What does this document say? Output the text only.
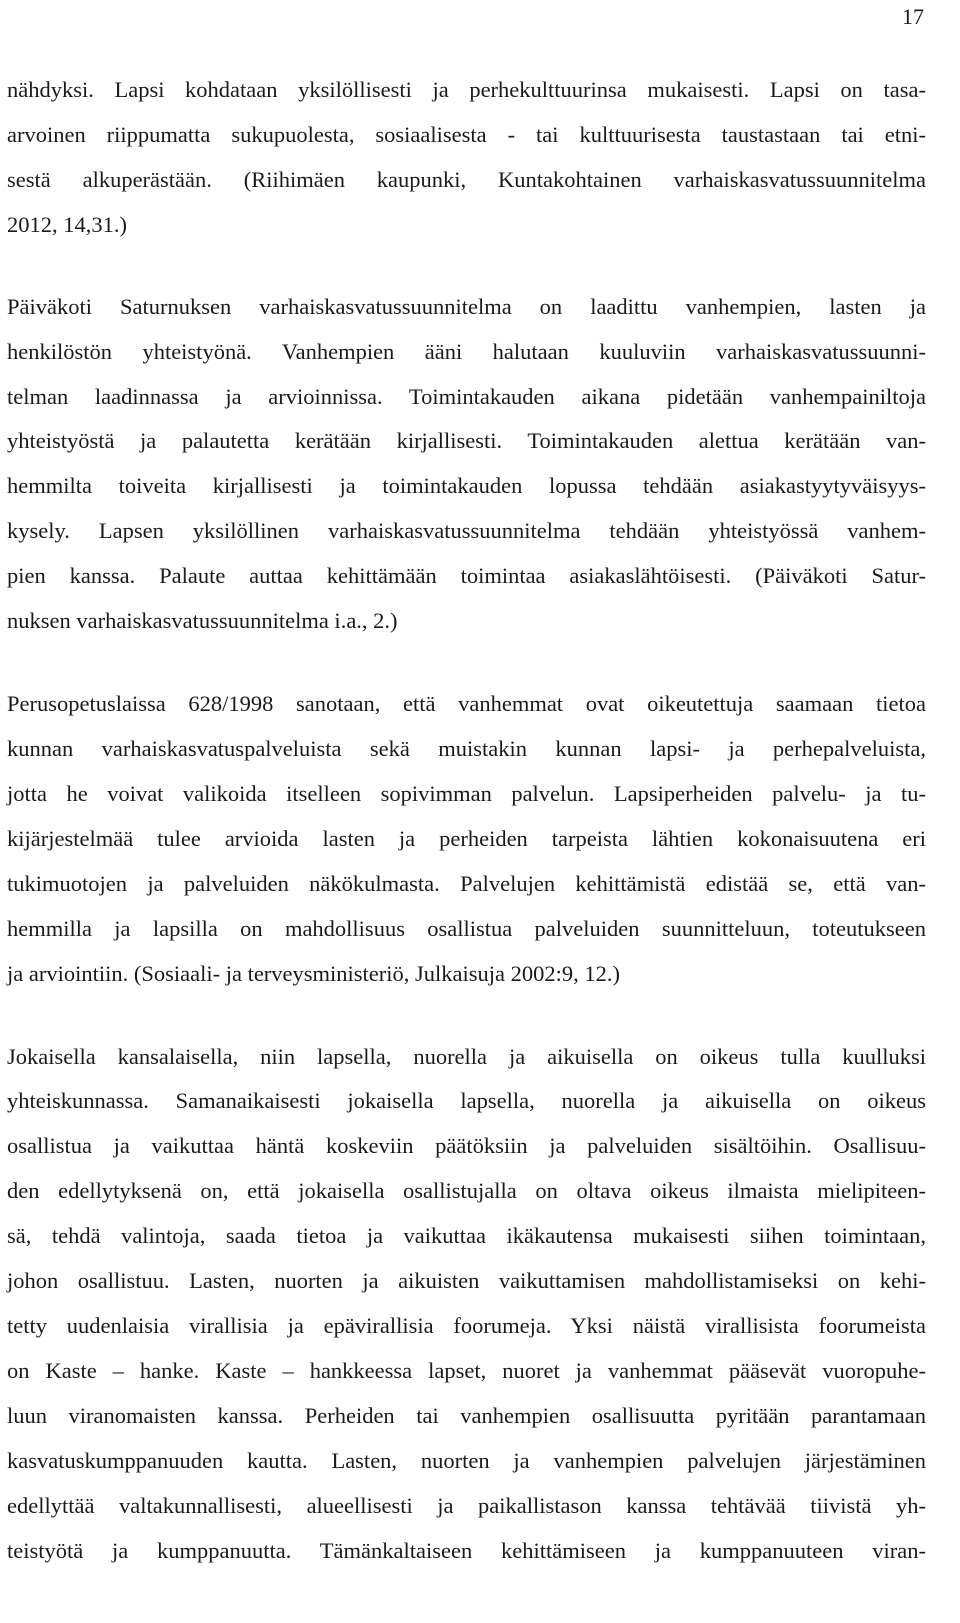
17
nähdyksi. Lapsi kohdataan yksilöllisesti ja perhekulttuurinsa mukaisesti. Lapsi on tasa-
arvoinen riippumatta sukupuolesta, sosiaalisesta - tai kulttuurisesta taustastaan tai etni-
sestä alkuperästään. (Riihimäen kaupunki, Kuntakohtainen varhaiskasvatussuunnitelma
2012, 14,31.)
Päiväkoti Saturnuksen varhaiskasvatussuunnitelma on laadittu vanhempien, lasten ja
henkilöstön yhteistyönä. Vanhempien ääni halutaan kuuluviin varhaiskasvatussuunni-
telman laadinnassa ja arvioinnissa. Toimintakauden aikana pidetään vanhempainiltoja
yhteistyöstä ja palautetta kerätään kirjallisesti. Toimintakauden alettua kerätään van-
hemmilta toiveita kirjallisesti ja toimintakauden lopussa tehdään asiakastyytyväisyys-
kysely. Lapsen yksilöllinen varhaiskasvatussuunnitelma tehdään yhteistyössä vanhem-
pien kanssa. Palaute auttaa kehittämään toimintaa asiakaslähtöisesti. (Päiväkoti Satur-
nuksen varhaiskasvatussuunnitelma i.a., 2.)
Perusopetuslaissa 628/1998 sanotaan, että vanhemmat ovat oikeutettuja saamaan tietoa
kunnan varhaiskasvatuspalveluista sekä muistakin kunnan lapsi- ja perhepalveluista,
jotta he voivat valikoida itselleen sopivimman palvelun. Lapsiperheiden palvelu- ja tu-
kijärjestelmää tulee arvioida lasten ja perheiden tarpeista lähtien kokonaisuutena eri
tukimuotojen ja palveluiden näkökulmasta. Palvelujen kehittämistä edistää se, että van-
hemmilla ja lapsilla on mahdollisuus osallistua palveluiden suunnitteluun, toteutukseen
ja arviointiin. (Sosiaali- ja terveysministeriö, Julkaisuja 2002:9, 12.)
Jokaisella kansalaisella, niin lapsella, nuorella ja aikuisella on oikeus tulla kuulluksi
yhteiskunnassa. Samanaikaisesti jokaisella lapsella, nuorella ja aikuisella on oikeus
osallistua ja vaikuttaa häntä koskeviin päätöksiin ja palveluiden sisältöihin. Osallisuu-
den edellytyksenä on, että jokaisella osallistujalla on oltava oikeus ilmaista mielipiteen-
sä, tehdä valintoja, saada tietoa ja vaikuttaa ikäkautensa mukaisesti siihen toimintaan,
johon osallistuu. Lasten, nuorten ja aikuisten vaikuttamisen mahdollistamiseksi on kehi-
tetty uudenlaisia virallisia ja epävirallisia foorumeja. Yksi näistä virallisista foorumeista
on Kaste – hanke. Kaste – hankkeessa lapset, nuoret ja vanhemmat pääsevät vuoropuhe-
luun viranomaisten kanssa. Perheiden tai vanhempien osallisuutta pyritään parantamaan
kasvatuskumppanuuden kautta. Lasten, nuorten ja vanhempien palvelujen järjestäminen
edellyttää valtakunnallisesti, alueellisesti ja paikallistason kanssa tehtävää tiivistä yh-
teistyötä ja kumppanuutta. Tämänkaltaiseen kehittämiseen ja kumppanuuteen viran-
